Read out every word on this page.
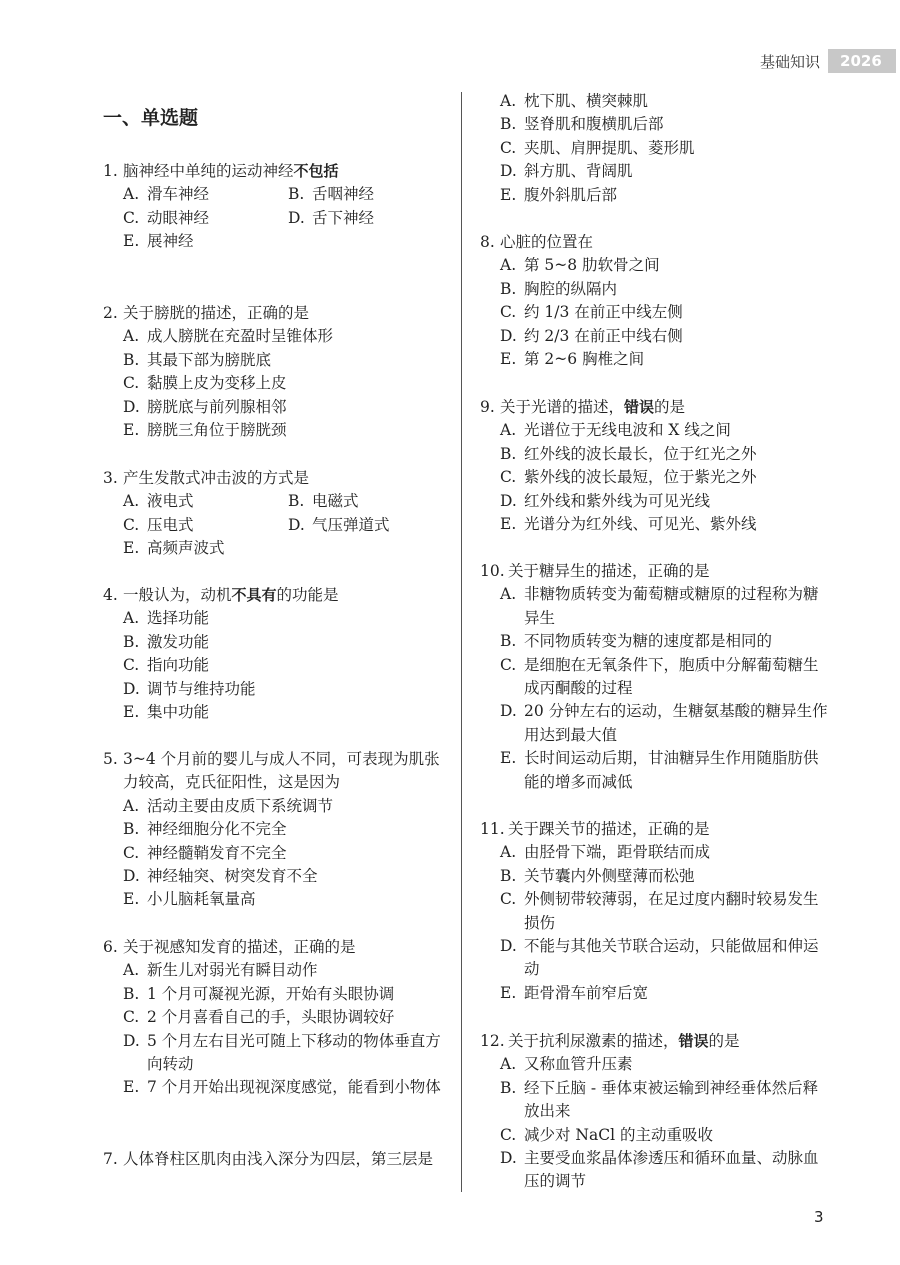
基础知识	2026
一、单选题
1. 脑神经中单纯的运动神经不包括
A. 滑车神经	B. 舌咽神经
C. 动眼神经	D. 舌下神经
E. 展神经
2. 关于膀胱的描述，正确的是
A. 成人膀胱在充盈时呈锥体形
B. 其最下部为膀胱底
C. 黏膜上皮为变移上皮
D. 膀胱底与前列腺相邻
E. 膀胱三角位于膀胱颈
3. 产生发散式冲击波的方式是
A. 液电式	B. 电磁式
C. 压电式	D. 气压弹道式
E. 高频声波式
4. 一般认为，动机不具有的功能是
A. 选择功能
B. 激发功能
C. 指向功能
D. 调节与维持功能
E. 集中功能
5. 3~4 个月前的婴儿与成人不同，可表现为肌张力较高，克氏征阳性，这是因为
A. 活动主要由皮质下系统调节
B. 神经细胞分化不完全
C. 神经髓鞘发育不完全
D. 神经轴突、树突发育不全
E. 小儿脑耗氧量高
6. 关于视感知发育的描述，正确的是
A. 新生儿对弱光有瞬目动作
B. 1 个月可凝视光源，开始有头眼协调
C. 2 个月喜看自己的手，头眼协调较好
D. 5 个月左右目光可随上下移动的物体垂直方向转动
E. 7 个月开始出现视深度感觉，能看到小物体
7. 人体脊柱区肌肉由浅入深分为四层，第三层是
A. 枕下肌、横突棘肌
B. 竖脊肌和腹横肌后部
C. 夹肌、肩胛提肌、菱形肌
D. 斜方肌、背阔肌
E. 腹外斜肌后部
8. 心脏的位置在
A. 第 5~8 肋软骨之间
B. 胸腔的纵隔内
C. 约 1/3 在前正中线左侧
D. 约 2/3 在前正中线右侧
E. 第 2~6 胸椎之间
9. 关于光谱的描述，错误的是
A. 光谱位于无线电波和 X 线之间
B. 红外线的波长最长，位于红光之外
C. 紫外线的波长最短，位于紫光之外
D. 红外线和紫外线为可见光线
E. 光谱分为红外线、可见光、紫外线
10. 关于糖异生的描述，正确的是
A. 非糖物质转变为葡萄糖或糖原的过程称为糖异生
B. 不同物质转变为糖的速度都是相同的
C. 是细胞在无氧条件下，胞质中分解葡萄糖生成丙酮酸的过程
D. 20 分钟左右的运动，生糖氨基酸的糖异生作用达到最大值
E. 长时间运动后期，甘油糖异生作用随脂肪供能的增多而减低
11. 关于踝关节的描述，正确的是
A. 由胫骨下端，距骨联结而成
B. 关节囊内外侧壁薄而松弛
C. 外侧韧带较薄弱，在足过度内翻时较易发生损伤
D. 不能与其他关节联合运动，只能做屈和伸运动
E. 距骨滑车前窄后宽
12. 关于抗利尿激素的描述，错误的是
A. 又称血管升压素
B. 经下丘脑 - 垂体束被运输到神经垂体然后释放出来
C. 减少对 NaCl 的主动重吸收
D. 主要受血浆晶体渗透压和循环血量、动脉血压的调节
3
